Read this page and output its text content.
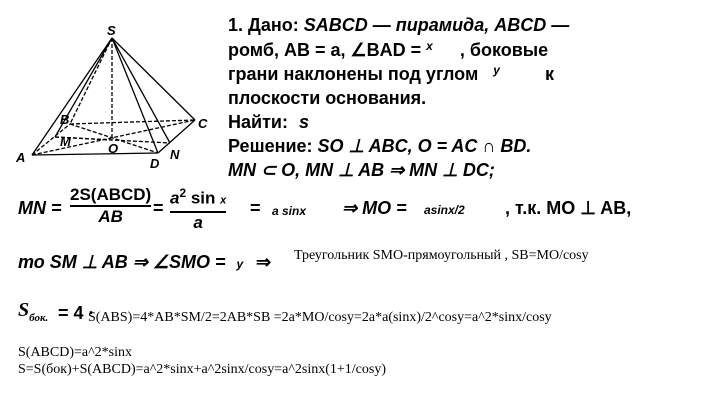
S
B	C
M	O
A	D
N
1. Дано: SABCD — пирамида, ABCD —
ромб, AB = a, ∠BAD = $^x$ , боковые
грани наклонены под углом $^y$	к
плоскости основания.
Найти: s
Решение: SO ⊥ ABC, O = AC ∩ BD.
MN ⊂ O, MN ⊥ AB ⇒ MN ⊥ DC;
MN =
2S(ABCD)
AB = $a^2$ sin x
a
= a sinx ⇒ MO = asinx/2 , т.к. MO ⊥ AB,
то SM ⊥ AB ⇒ ∠SMO = y ⇒ Треугольник SMO-прямоугольный , SB=MO/cosy
$S_{бок.} = 4$ ·
S(ABS)=4*AB*SM/2=2AB*SB =2a*MO/cosy=2a*a(sinx)/2^cosy=a^2*sinx/cosy
S(ABCD)=a^2*sinx
S=S(бок)+S(ABCD)=a^2*sinx+a^2sinx/cosy=a^2sinx(1+1/cosy)
